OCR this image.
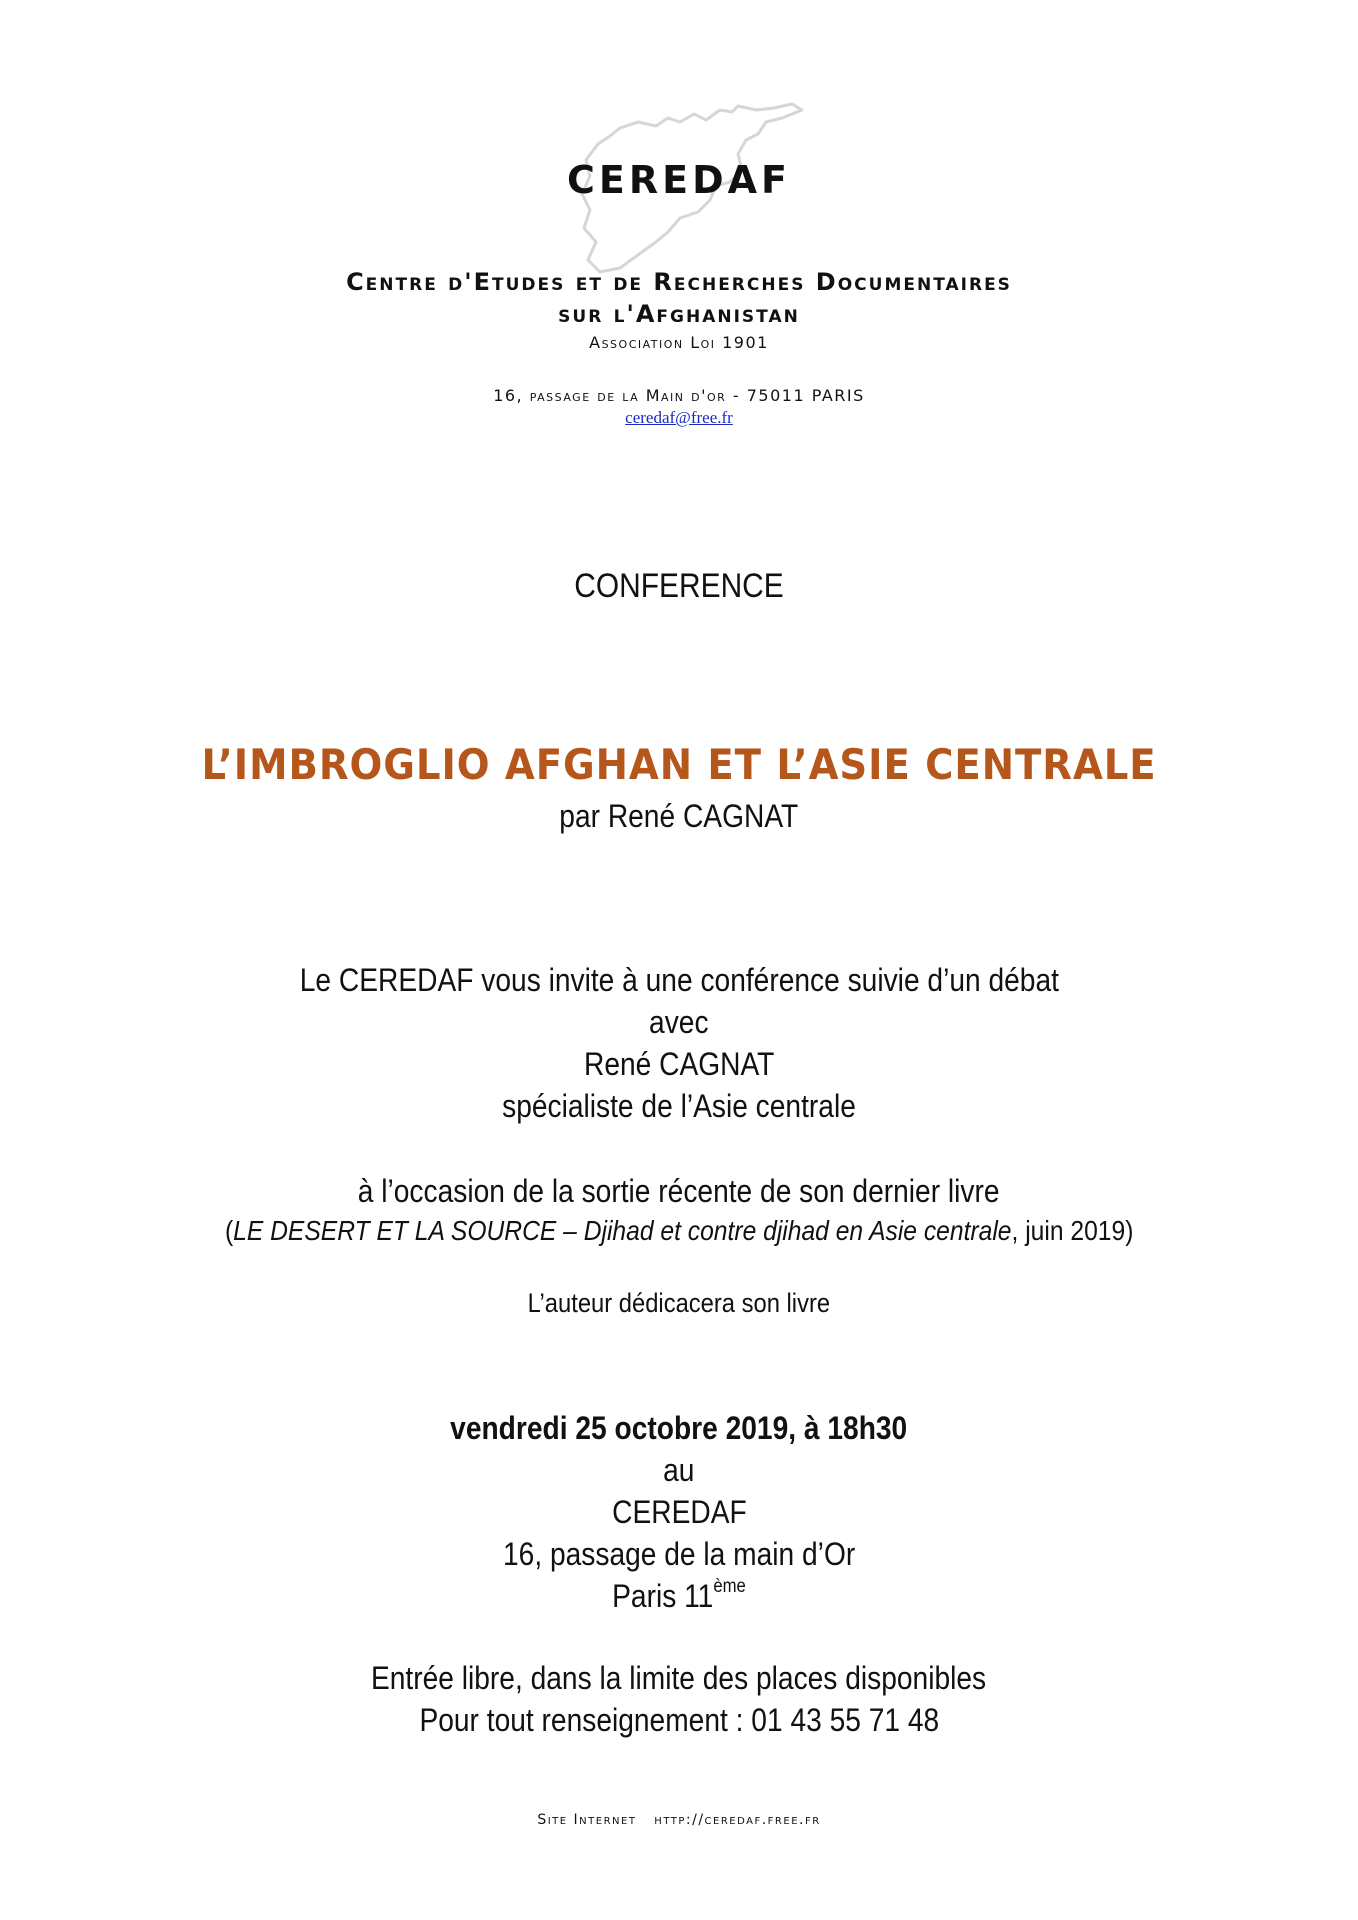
CEREDAF
Centre d'Etudes et de Recherches Documentaires
sur l'Afghanistan
Association Loi 1901
16, passage de la Main d'or - 75011 PARIS
ceredaf@free.fr
CONFERENCE
L’IMBROGLIO AFGHAN ET L’ASIE CENTRALE
par René CAGNAT
Le CEREDAF vous invite à une conférence suivie d’un débat
avec
René CAGNAT
spécialiste de l’Asie centrale
à l’occasion de la sortie récente de son dernier livre
(LE DESERT ET LA SOURCE – Djihad et contre djihad en Asie centrale, juin 2019)
L’auteur dédicacera son livre
vendredi 25 octobre 2019, à 18h30
au
CEREDAF
16, passage de la main d’Or
Paris 11ème
Entrée libre, dans la limite des places disponibles
Pour tout renseignement : 01 43 55 71 48
Site Internet http://ceredaf.free.fr
